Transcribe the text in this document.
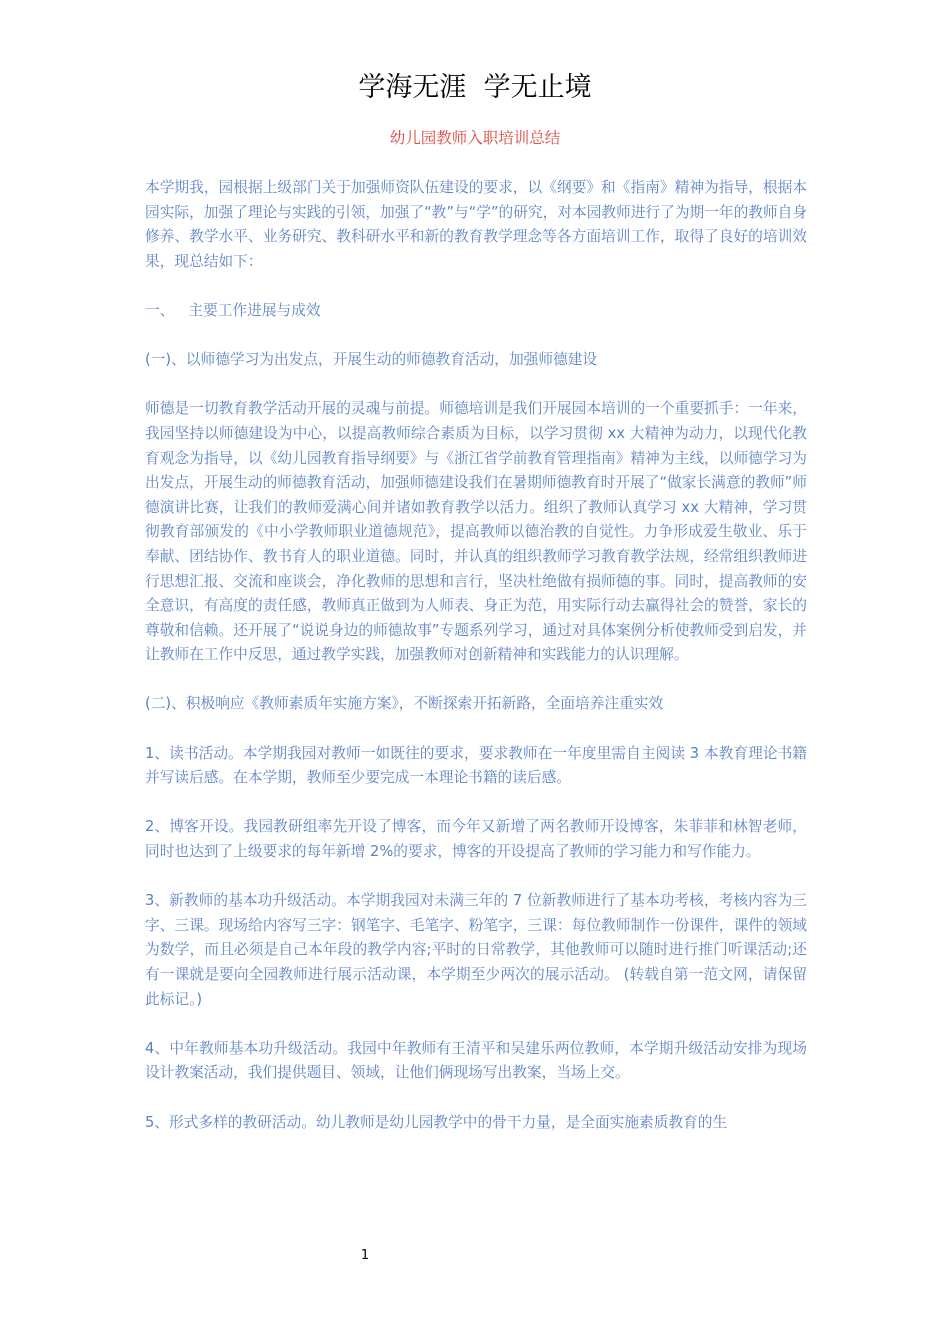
学海无涯  学无止境
幼儿园教师入职培训总结

本学期我，园根据上级部门关于加强师资队伍建设的要求，以《纲要》和《指南》精神为指导，根据本园实际，加强了理论与实践的引领，加强了“教”与“学”的研究，对本园教师进行了为期一年的教师自身修养、教学水平、业务研究、教科研水平和新的教育教学理念等各方面培训工作，取得了良好的培训效果，现总结如下：

一、   主要工作进展与成效

(一)、以师德学习为出发点，开展生动的师德教育活动，加强师德建设

师德是一切教育教学活动开展的灵魂与前提。师德培训是我们开展园本培训的一个重要抓手：一年来，我园坚持以师德建设为中心，以提高教师综合素质为目标，以学习贯彻 xx 大精神为动力，以现代化教育观念为指导，以《幼儿园教育指导纲要》与《浙江省学前教育管理指南》精神为主线，以师德学习为出发点，开展生动的师德教育活动，加强师德建设我们在暑期师德教育时开展了“做家长满意的教师”师德演讲比赛，让我们的教师爱满心间并诸如教育教学以活力。组织了教师认真学习 xx 大精神，学习贯彻教育部颁发的《中小学教师职业道德规范》，提高教师以德治教的自觉性。力争形成爱生敬业、乐于奉献、团结协作、教书育人的职业道德。同时，并认真的组织教师学习教育教学法规，经常组织教师进行思想汇报、交流和座谈会，净化教师的思想和言行，坚决杜绝做有损师德的事。同时，提高教师的安全意识，有高度的责任感，教师真正做到为人师表、身正为范，用实际行动去赢得社会的赞誉，家长的尊敬和信赖。还开展了“说说身边的师德故事”专题系列学习，通过对具体案例分析使教师受到启发，并让教师在工作中反思，通过教学实践，加强教师对创新精神和实践能力的认识理解。

(二)、积极响应《教师素质年实施方案》，不断探索开拓新路，全面培养注重实效

1、读书活动。本学期我园对教师一如既往的要求，要求教师在一年度里需自主阅读 3 本教育理论书籍并写读后感。在本学期，教师至少要完成一本理论书籍的读后感。

2、博客开设。我园教研组率先开设了博客，而今年又新增了两名教师开设博客，朱菲菲和林智老师，同时也达到了上级要求的每年新增 2%的要求，博客的开设提高了教师的学习能力和写作能力。

3、新教师的基本功升级活动。本学期我园对未满三年的 7 位新教师进行了基本功考核，考核内容为三字、三课。现场给内容写三字：钢笔字、毛笔字、粉笔字，三课：每位教师制作一份课件，课件的领域为数学，而且必须是自己本年段的教学内容;平时的日常教学，其他教师可以随时进行推门听课活动;还有一课就是要向全园教师进行展示活动课，本学期至少两次的展示活动。 (转载自第一范文网，请保留此标记。)

4、中年教师基本功升级活动。我园中年教师有王清平和吴建乐两位教师，本学期升级活动安排为现场设计教案活动，我们提供题目、领域，让他们俩现场写出教案，当场上交。

5、形式多样的教研活动。幼儿教师是幼儿园教学中的骨干力量，是全面实施素质教育的生

1
